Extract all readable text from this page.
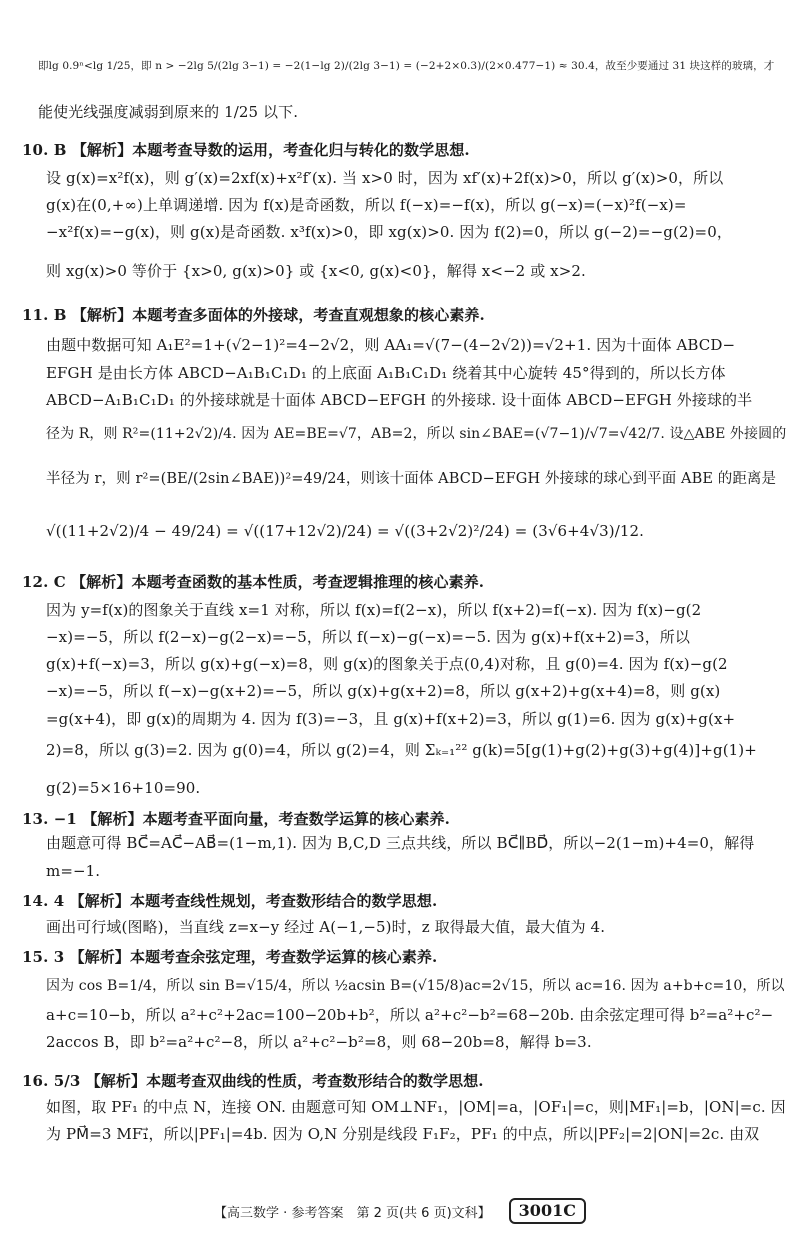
即lg 0.9ⁿ<lg 1/25，即 n > −2lg 5/(2lg 3−1) = −2(1−lg 2)/(2lg 3−1) = (−2+2×0.3)/(2×0.477−1) ≈ 30.4，故至少要通过 31 块这样的玻璃，才
能使光线强度减弱到原来的 1/25 以下.
10. B 【解析】本题考查导数的运用，考查化归与转化的数学思想.
设 g(x)=x²f(x)，则 g′(x)=2xf(x)+x²f′(x). 当 x>0 时，因为 xf′(x)+2f(x)>0，所以 g′(x)>0，所以
g(x)在(0,+∞)上单调递增. 因为 f(x)是奇函数，所以 f(−x)=−f(x)，所以 g(−x)=(−x)²f(−x)=
−x²f(x)=−g(x)，则 g(x)是奇函数. x³f(x)>0，即 xg(x)>0. 因为 f(2)=0，所以 g(−2)=−g(2)=0，
则 xg(x)>0 等价于 {x>0, g(x)>0} 或 {x<0, g(x)<0}，解得 x<−2 或 x>2.
11. B 【解析】本题考查多面体的外接球，考查直观想象的核心素养.
由题中数据可知 A₁E²=1+(√2−1)²=4−2√2，则 AA₁=√(7−(4−2√2))=√2+1. 因为十面体 ABCD−
EFGH 是由长方体 ABCD−A₁B₁C₁D₁ 的上底面 A₁B₁C₁D₁ 绕着其中心旋转 45°得到的，所以长方体
ABCD−A₁B₁C₁D₁ 的外接球就是十面体 ABCD−EFGH 的外接球. 设十面体 ABCD−EFGH 外接球的半
径为 R，则 R²=(11+2√2)/4. 因为 AE=BE=√7，AB=2，所以 sin∠BAE=(√7−1)/√7=√42/7. 设△ABE 外接圆的
半径为 r，则 r²=(BE/(2sin∠BAE))²=49/24，则该十面体 ABCD−EFGH 外接球的球心到平面 ABE 的距离是
√((11+2√2)/4 − 49/24) = √((17+12√2)/24) = √((3+2√2)²/24) = (3√6+4√3)/12.
12. C 【解析】本题考查函数的基本性质，考查逻辑推理的核心素养.
因为 y=f(x)的图象关于直线 x=1 对称，所以 f(x)=f(2−x)，所以 f(x+2)=f(−x). 因为 f(x)−g(2
−x)=−5，所以 f(2−x)−g(2−x)=−5，所以 f(−x)−g(−x)=−5. 因为 g(x)+f(x+2)=3，所以
g(x)+f(−x)=3，所以 g(x)+g(−x)=8，则 g(x)的图象关于点(0,4)对称，且 g(0)=4. 因为 f(x)−g(2
−x)=−5，所以 f(−x)−g(x+2)=−5，所以 g(x)+g(x+2)=8，所以 g(x+2)+g(x+4)=8，则 g(x)
=g(x+4)，即 g(x)的周期为 4. 因为 f(3)=−3，且 g(x)+f(x+2)=3，所以 g(1)=6. 因为 g(x)+g(x+
2)=8，所以 g(3)=2. 因为 g(0)=4，所以 g(2)=4，则 Σₖ₌₁²² g(k)=5[g(1)+g(2)+g(3)+g(4)]+g(1)+
g(2)=5×16+10=90.
13. −1 【解析】本题考查平面向量，考查数学运算的核心素养.
由题意可得 BC⃗=AC⃗−AB⃗=(1−m,1). 因为 B,C,D 三点共线，所以 BC⃗∥BD⃗，所以−2(1−m)+4=0，解得
m=−1.
14. 4 【解析】本题考查线性规划，考查数形结合的数学思想.
画出可行域(图略)，当直线 z=x−y 经过 A(−1,−5)时，z 取得最大值，最大值为 4.
15. 3 【解析】本题考查余弦定理，考查数学运算的核心素养.
因为 cos B=1/4，所以 sin B=√15/4，所以 ½acsin B=(√15/8)ac=2√15，所以 ac=16. 因为 a+b+c=10，所以
a+c=10−b，所以 a²+c²+2ac=100−20b+b²，所以 a²+c²−b²=68−20b. 由余弦定理可得 b²=a²+c²−
2accos B，即 b²=a²+c²−8，所以 a²+c²−b²=8，则 68−20b=8，解得 b=3.
16. 5/3 【解析】本题考查双曲线的性质，考查数形结合的数学思想.
如图，取 PF₁ 的中点 N，连接 ON. 由题意可知 OM⊥NF₁，|OM|=a，|OF₁|=c，则|MF₁|=b，|ON|=c. 因
为 PM⃗=3 MF₁⃗，所以|PF₁|=4b. 因为 O,N 分别是线段 F₁F₂，PF₁ 的中点，所以|PF₂|=2|ON|=2c. 由双
【高三数学 · 参考答案　第 2 页(共 6 页)文科】	3001C
